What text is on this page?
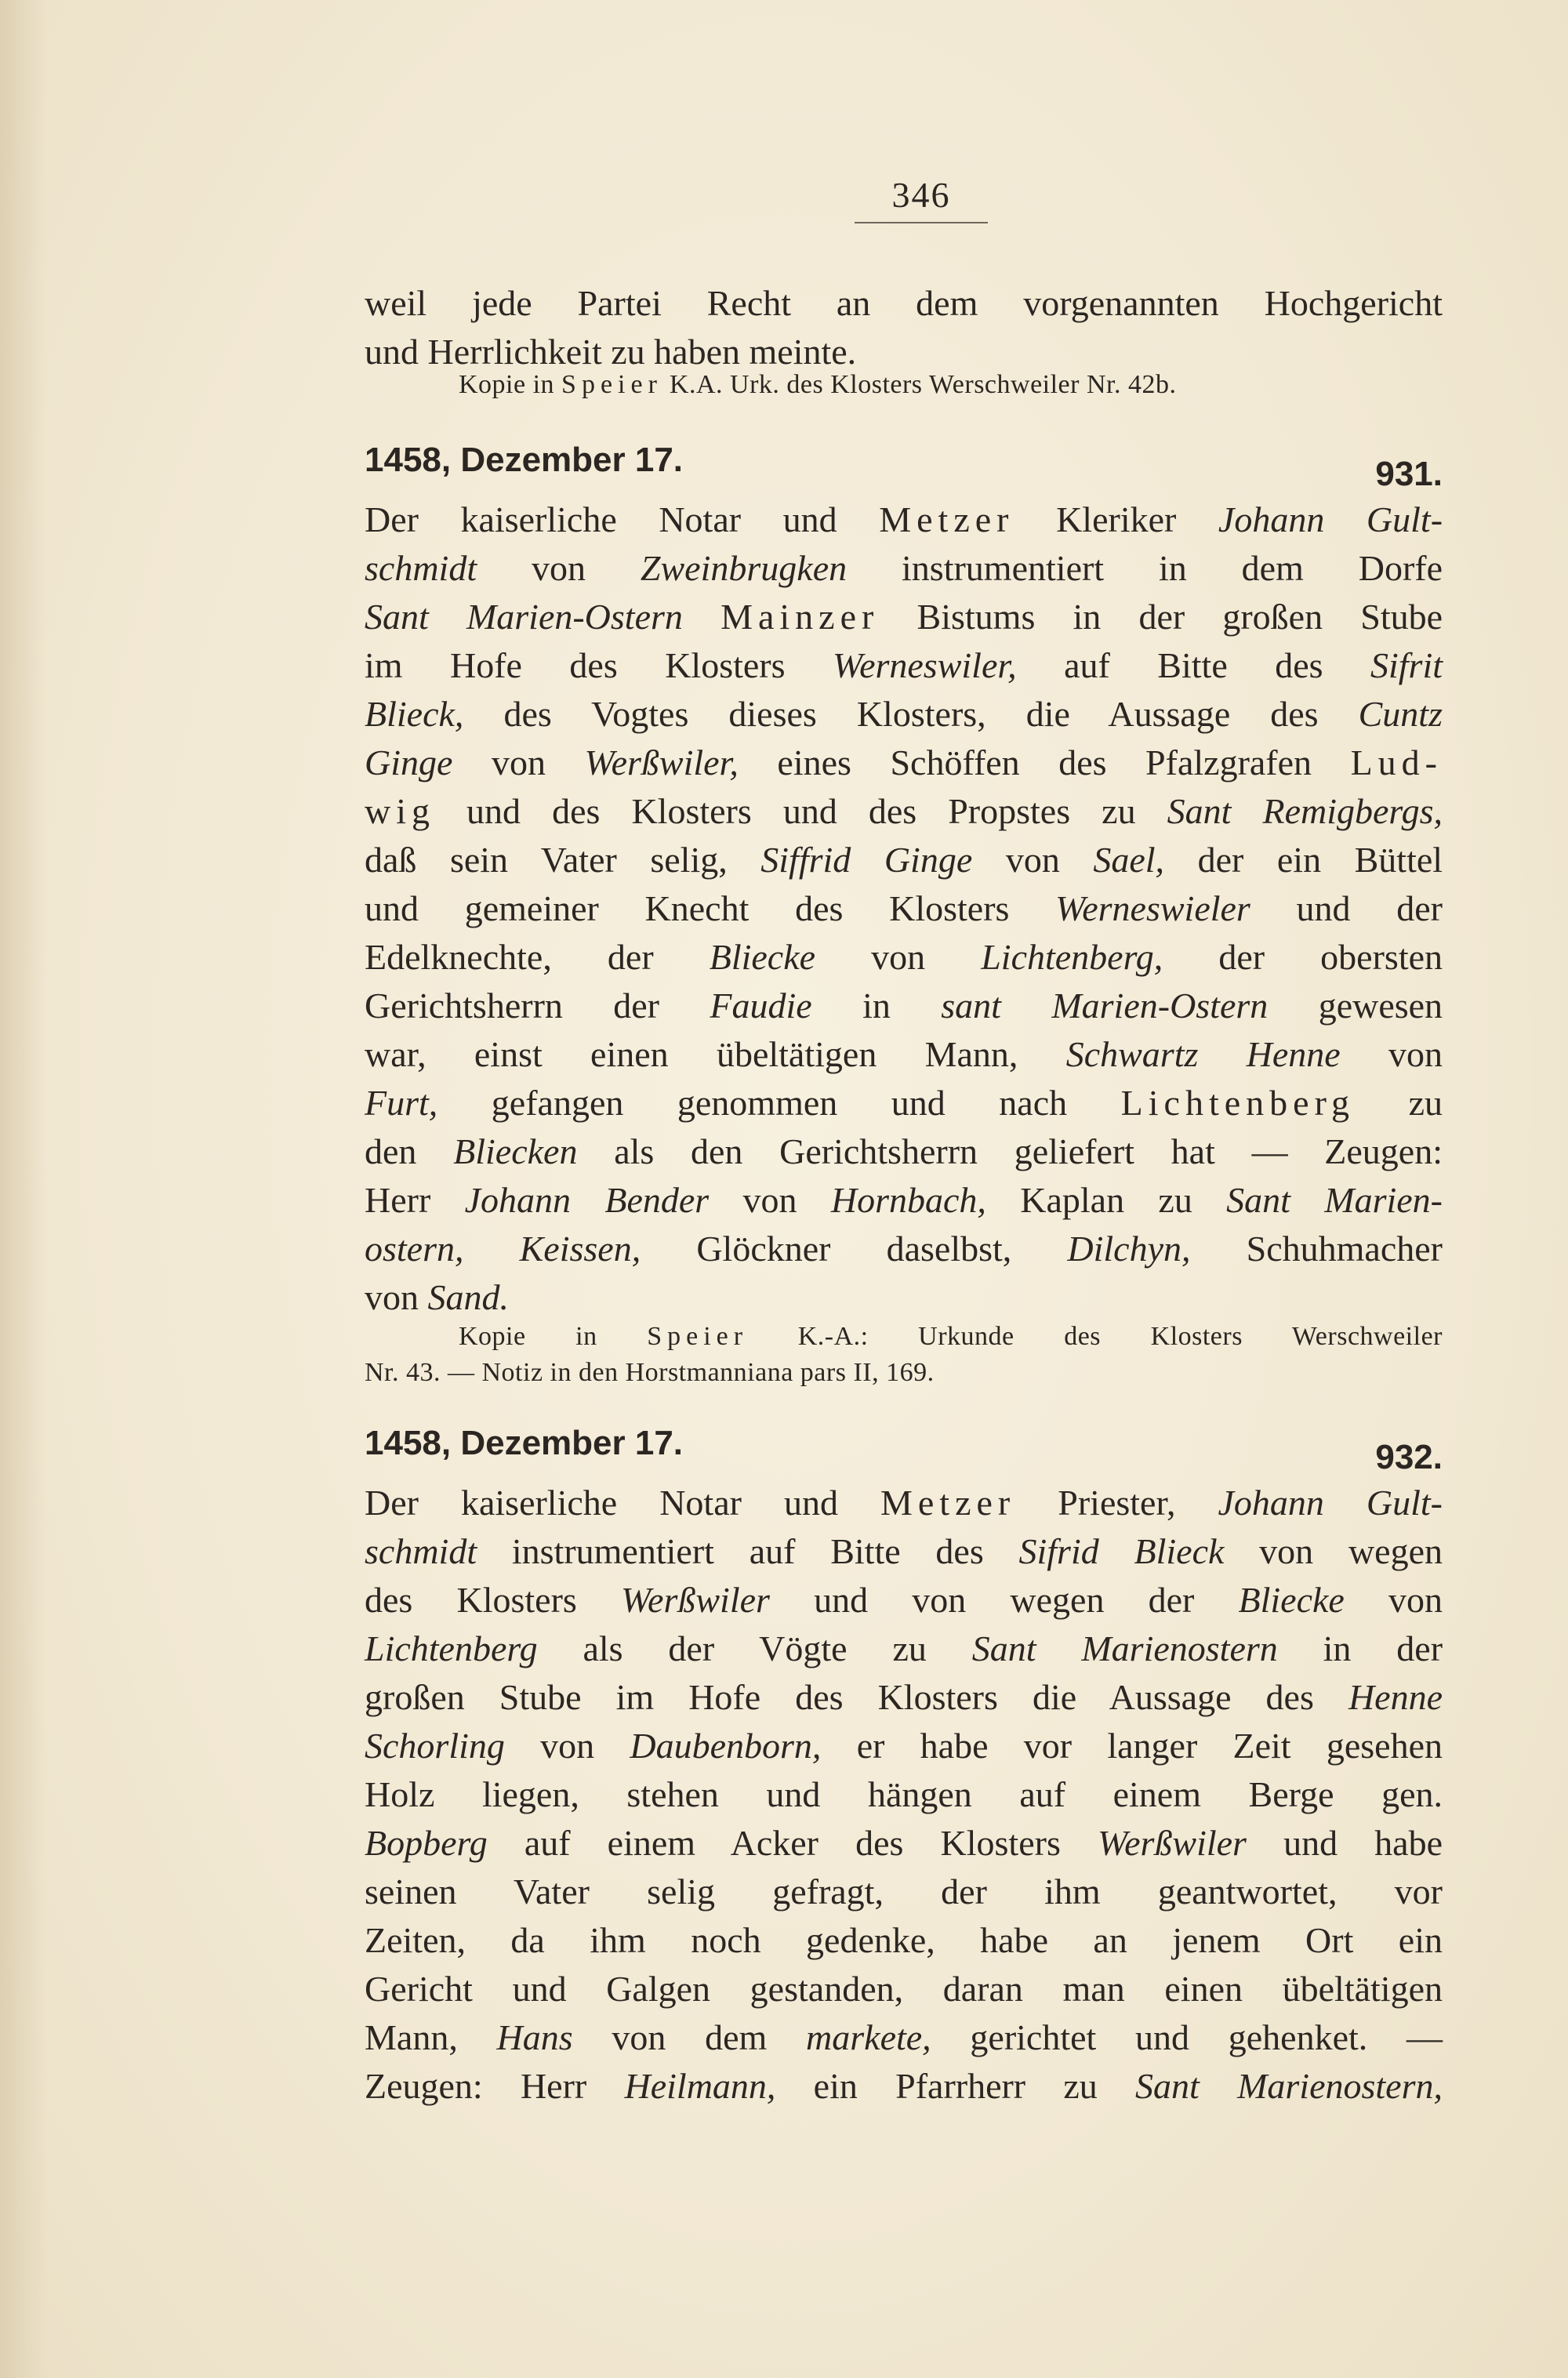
346
weil jede Partei Recht an dem vorgenannten Hochgericht
und Herrlichkeit zu haben meinte.
Kopie in Speier K.A. Urk. des Klosters Werschweiler Nr. 42b.
1458, Dezember 17.	931.
Der kaiserliche Notar und Metzer Kleriker Johann Gult-
schmidt von Zweinbrugken instrumentiert in dem Dorfe
Sant Marien-Ostern Mainzer Bistums in der großen Stube
im Hofe des Klosters Werneswiler, auf Bitte des Sifrit
Blieck, des Vogtes dieses Klosters, die Aussage des Cuntz
Ginge von Werßwiler, eines Schöffen des Pfalzgrafen Lud-
wig und des Klosters und des Propstes zu Sant Remigbergs,
daß sein Vater selig, Siffrid Ginge von Sael, der ein Büttel
und gemeiner Knecht des Klosters Werneswieler und der
Edelknechte, der Bliecke von Lichtenberg, der obersten
Gerichtsherrn der Faudie in sant Marien-Ostern gewesen
war, einst einen übeltätigen Mann, Schwartz Henne von
Furt, gefangen genommen und nach Lichtenberg zu
den Bliecken als den Gerichtsherrn geliefert hat — Zeugen:
Herr Johann Bender von Hornbach, Kaplan zu Sant Marien-
ostern, Keissen, Glöckner daselbst, Dilchyn, Schuhmacher
von Sand.
Kopie in Speier K.-A.: Urkunde des Klosters Werschweiler
Nr. 43. — Notiz in den Horstmanniana pars II, 169.
1458, Dezember 17.	932.
Der kaiserliche Notar und Metzer Priester, Johann Gult-
schmidt instrumentiert auf Bitte des Sifrid Blieck von wegen
des Klosters Werßwiler und von wegen der Bliecke von
Lichtenberg als der Vögte zu Sant Marienostern in der
großen Stube im Hofe des Klosters die Aussage des Henne
Schorling von Daubenborn, er habe vor langer Zeit gesehen
Holz liegen, stehen und hängen auf einem Berge gen.
Bopberg auf einem Acker des Klosters Werßwiler und habe
seinen Vater selig gefragt, der ihm geantwortet, vor
Zeiten, da ihm noch gedenke, habe an jenem Ort ein
Gericht und Galgen gestanden, daran man einen übeltätigen
Mann, Hans von dem markete, gerichtet und gehenket. —
Zeugen: Herr Heilmann, ein Pfarrherr zu Sant Marienostern,
